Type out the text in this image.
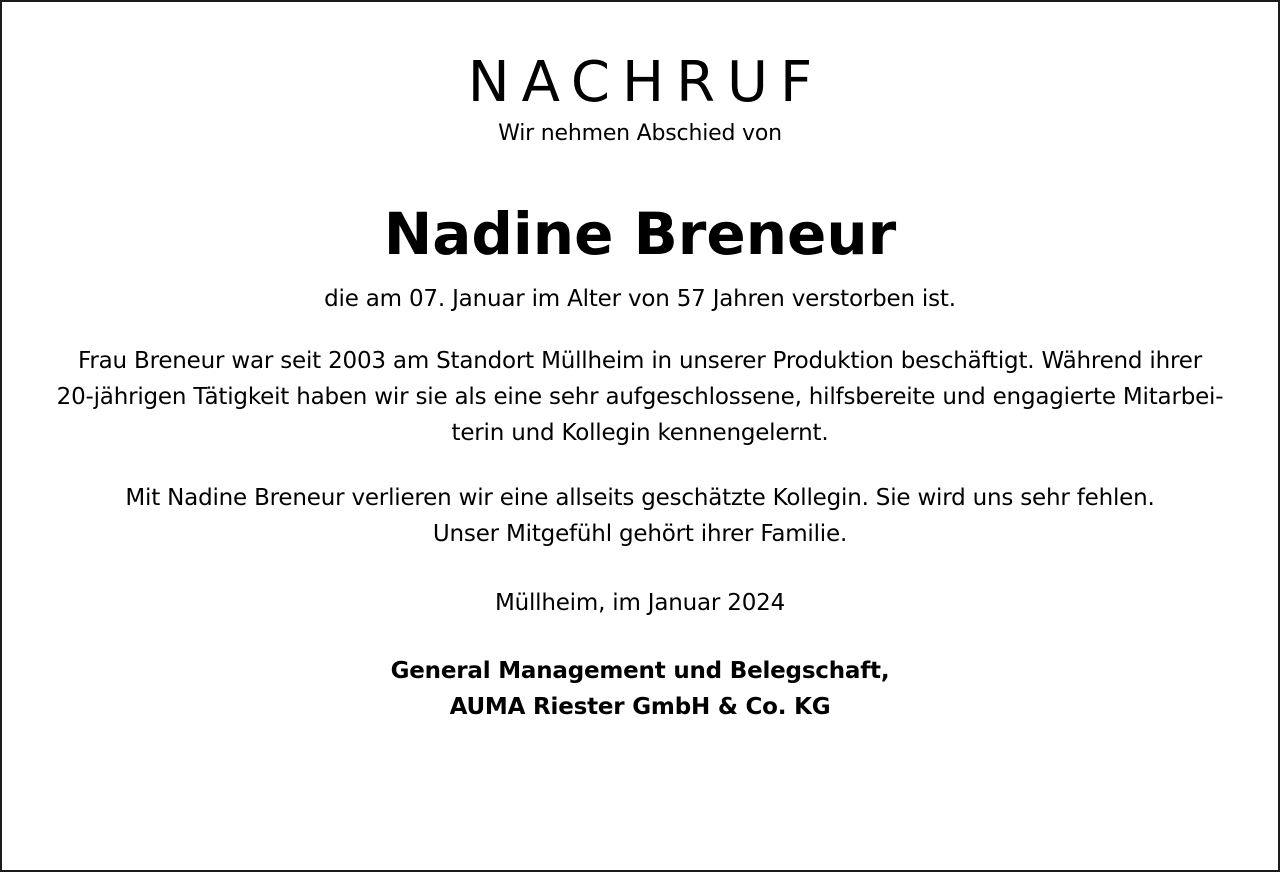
NACHRUF
Wir nehmen Abschied von
Nadine Breneur
die am 07. Januar im Alter von 57 Jahren verstorben ist.
Frau Breneur war seit 2003 am Standort Müllheim in unserer Produktion beschäftigt. Während ihrer
20-jährigen Tätigkeit haben wir sie als eine sehr aufgeschlossene, hilfsbereite und engagierte Mitarbei-
terin und Kollegin kennengelernt.
Mit Nadine Breneur verlieren wir eine allseits geschätzte Kollegin. Sie wird uns sehr fehlen.
Unser Mitgefühl gehört ihrer Familie.
Müllheim, im Januar 2024
General Management und Belegschaft,
AUMA Riester GmbH & Co. KG
